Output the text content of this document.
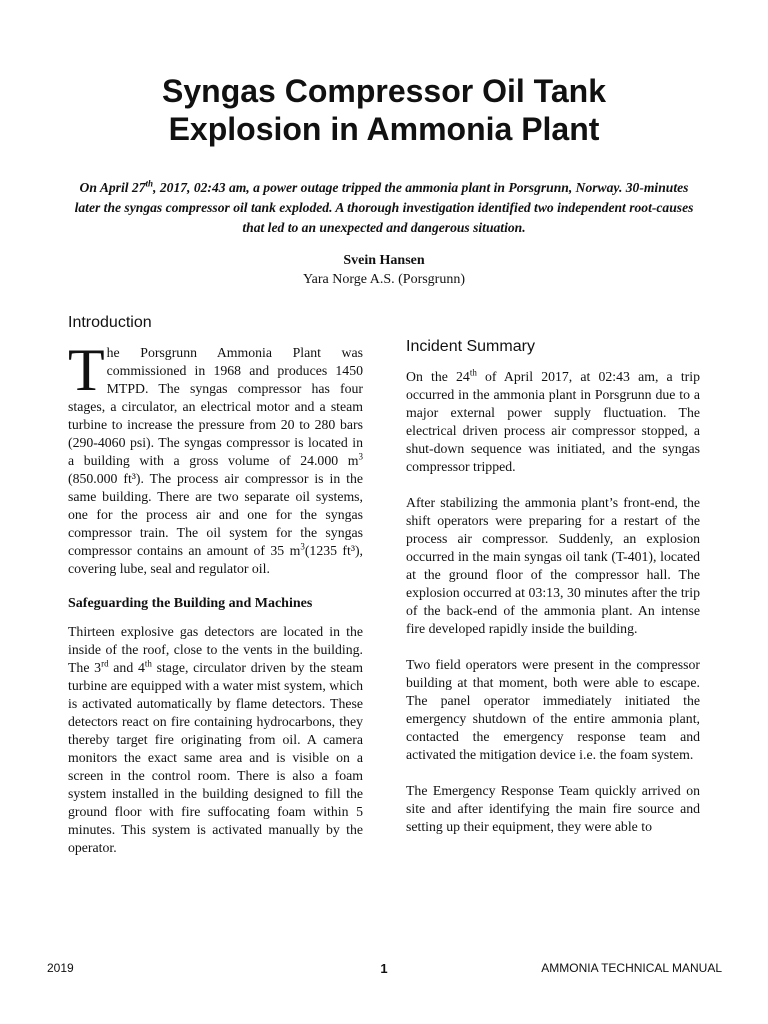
Syngas Compressor Oil Tank
Explosion in Ammonia Plant
On April 27th, 2017, 02:43 am, a power outage tripped the ammonia plant in Porsgrunn, Norway. 30-minutes later the syngas compressor oil tank exploded. A thorough investigation identified two independent root-causes that led to an unexpected and dangerous situation.
Svein Hansen
Yara Norge A.S. (Porsgrunn)
Introduction

The Porsgrunn Ammonia Plant was commissioned in 1968 and produces 1450 MTPD. The syngas compressor has four stages, a circulator, an electrical motor and a steam turbine to increase the pressure from 20 to 280 bars (290-4060 psi). The syngas compressor is located in a building with a gross volume of 24.000 $m^3$ (850.000 ft³). The process air compressor is in the same building. There are two separate oil systems, one for the process air and one for the syngas compressor train. The oil system for the syngas compressor contains an amount of 35 $m^3(1235$ ft³), covering lube, seal and regulator oil.

Safeguarding the Building and Machines

Thirteen explosive gas detectors are located in the inside of the roof, close to the vents in the building. The 3rd and 4th stage, circulator driven by the steam turbine are equipped with a water mist system, which is activated automatically by flame detectors. These detectors react on fire containing hydrocarbons, they thereby target fire originating from oil. A camera monitors the exact same area and is visible on a screen in the control room. There is also a foam system installed in the building designed to fill the ground floor with fire suffocating foam within 5 minutes. This system is activated manually by the operator.

Incident Summary

On the 24th of April 2017, at 02:43 am, a trip occurred in the ammonia plant in Porsgrunn due to a major external power supply fluctuation. The electrical driven process air compressor stopped, a shut-down sequence was initiated, and the syngas compressor tripped.

After stabilizing the ammonia plant’s front-end, the shift operators were preparing for a restart of the process air compressor. Suddenly, an explosion occurred in the main syngas oil tank (T-401), located at the ground floor of the compressor hall. The explosion occurred at 03:13, 30 minutes after the trip of the back-end of the ammonia plant. An intense fire developed rapidly inside the building.

Two field operators were present in the compressor building at that moment, both were able to escape. The panel operator immediately initiated the emergency shutdown of the entire ammonia plant, contacted the emergency response team and activated the mitigation device i.e. the foam system.

The Emergency Response Team quickly arrived on site and after identifying the main fire source and setting up their equipment, they were able to

2019	1	AMMONIA TECHNICAL MANUAL
